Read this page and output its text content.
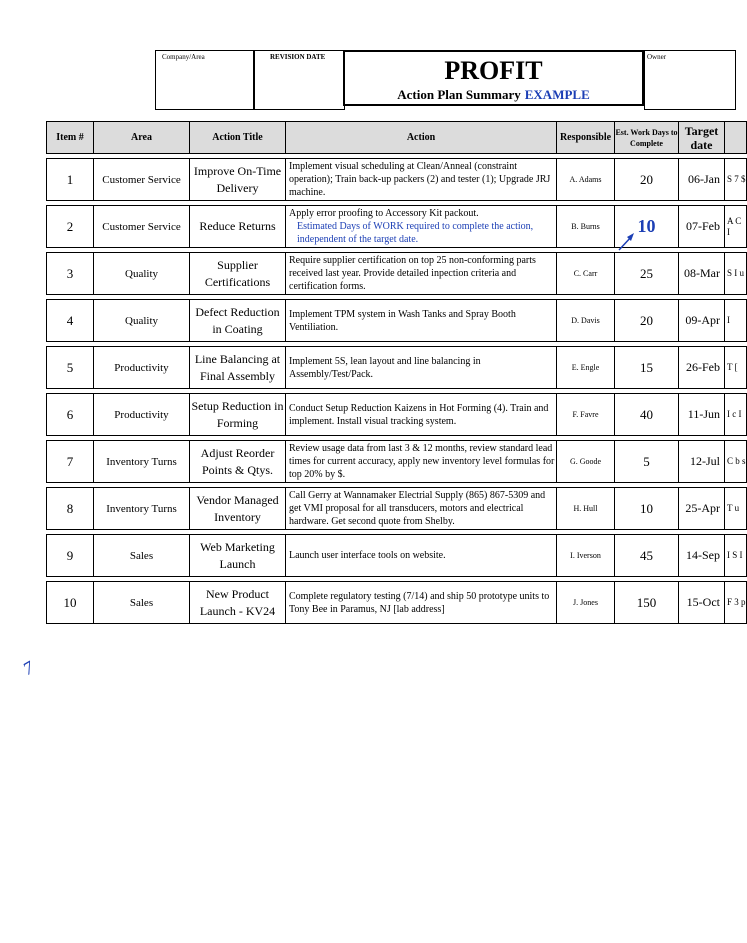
Company/Area	REVISION DATE	Owner
PROFIT
Action Plan Summary EXAMPLE
Item #	Area	Action Title	Action	Responsible	Est. Work Days to Complete	Target date	

1	Customer Service	Improve On-Time Delivery	Implement visual scheduling at Clean/Anneal (constraint operation); Train back-up packers (2) and tester (1); Upgrade JRJ machine.	A. Adams	20	06-Jan	S 7 $

2	Customer Service	Reduce Returns	Apply error proofing to Accessory Kit packout.
Estimated Days of WORK required to complete the action, independent of the target date.	B. Burns	10	07-Feb	A C I

3	Quality	Supplier Certifications	Require supplier certification on top 25 non-conforming parts received last year. Provide detailed inpection criteria and certification forms.	C. Carr	25	08-Mar	S I u

4	Quality	Defect Reduction in Coating	Implement TPM system in Wash Tanks and Spray Booth Ventiliation.	D. Davis	20	09-Apr	I

5	Productivity	Line Balancing at Final Assembly	Implement 5S, lean layout and line balancing in Assembly/Test/Pack.	E. Engle	15	26-Feb	T [

6	Productivity	Setup Reduction in Forming	Conduct Setup Reduction Kaizens in Hot Forming (4). Train and implement. Install visual tracking system.	F. Favre	40	11-Jun	I c I

7	Inventory Turns	Adjust Reorder Points & Qtys.	Review usage data from last 3 & 12 months, review standard lead times for current accuracy, apply new inventory level formulas for top 20% by $.	G. Goode	5	12-Jul	C b s

8	Inventory Turns	Vendor Managed Inventory	Call Gerry at Wannamaker Electrial Supply (865) 867-5309 and get VMI proposal for all transducers, motors and electrical hardware. Get second quote from Shelby.	H. Hull	10	25-Apr	T u

9	Sales	Web Marketing Launch	Launch user interface tools on website.	I. Iverson	45	14-Sep	I S I

10	Sales	New Product Launch - KV24	Complete regulatory testing (7/14) and ship 50 prototype units to Tony Bee in Paramus, NJ [lab address]	J. Jones	150	15-Oct	F 3 p
7
